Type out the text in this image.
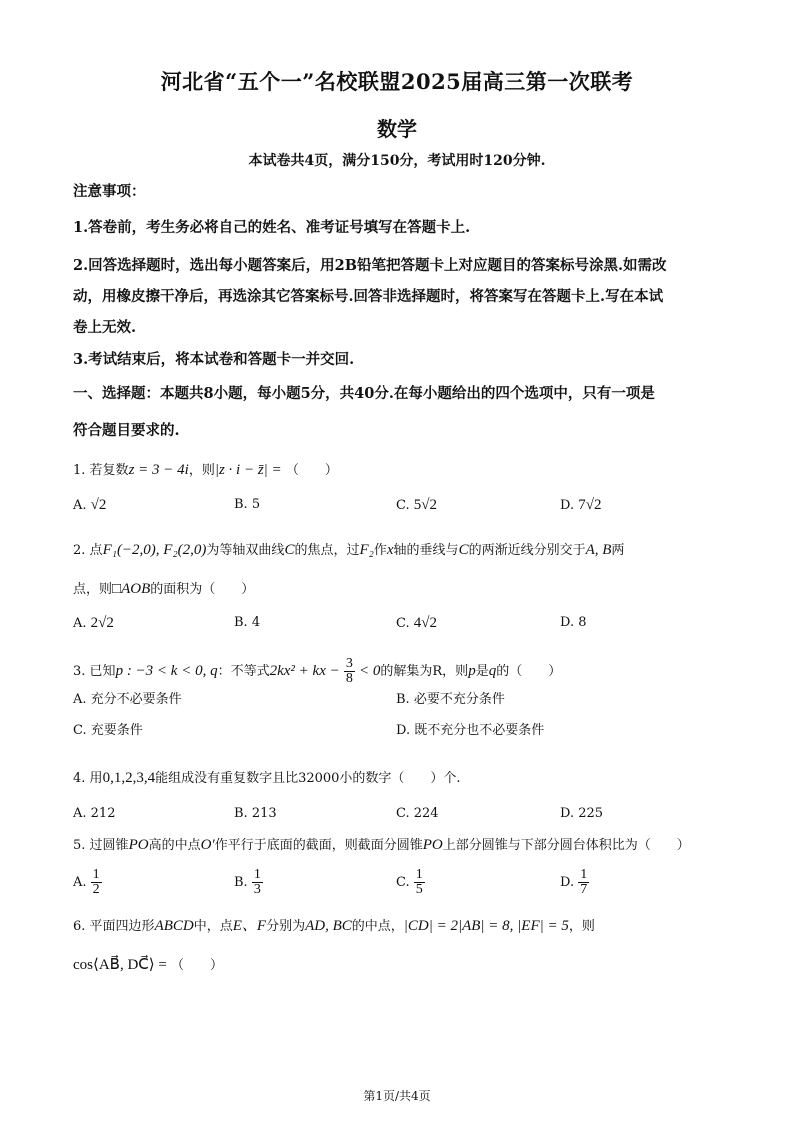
河北省“五个一”名校联盟2025届高三第一次联考
数学
本试卷共4页，满分150分，考试用时120分钟.
注意事项：
1.答卷前，考生务必将自己的姓名、准考证号填写在答题卡上.
2.回答选择题时，选出每小题答案后，用2B铅笔把答题卡上对应题目的答案标号涂黑.如需改
动，用橡皮擦干净后，再选涂其它答案标号.回答非选择题时，将答案写在答题卡上.写在本试
卷上无效.
3.考试结束后，将本试卷和答题卡一并交回.
一、选择题：本题共8小题，每小题5分，共40分.在每小题给出的四个选项中，只有一项是
符合题目要求的.
1. 若复数z = 3 − 4i，则|z · i − z̄| = （　　）
A. √2	B. 5	C. 5√2	D. 7√2
2. 点F₁(−2,0), F₂(2,0)为等轴双曲线C的焦点，过F₂作x轴的垂线与C的两渐近线分别交于A, B两
点，则□AOB的面积为（　　）
A. 2√2	B. 4	C. 4√2	D. 8
3. 已知p : −3 < k < 0, q：不等式2kx² + kx − $\frac{3}{8} < 0$的解集为R，则p是q的（　　）
A. 充分不必要条件	B. 必要不充分条件
C. 充要条件	D. 既不充分也不必要条件
4. 用0,1,2,3,4能组成没有重复数字且比32000小的数字（　　）个.
A. 212	B. 213	C. 224	D. 225
5. 过圆锥PO高的中点O′作平行于底面的截面，则截面分圆锥PO上部分圆锥与下部分圆台体积比为（　　）
A. $\frac{1}{2}$	B. $\frac{1}{3}$	C. $\frac{1}{5}$	D. $\frac{1}{7}$
6. 平面四边形ABCD中，点E、F分别为AD, BC的中点，|CD| = 2|AB| = 8, |EF| = 5，则
cos⟨AB⃗, DC⃗⟩ = （　　）
第1页/共4页
